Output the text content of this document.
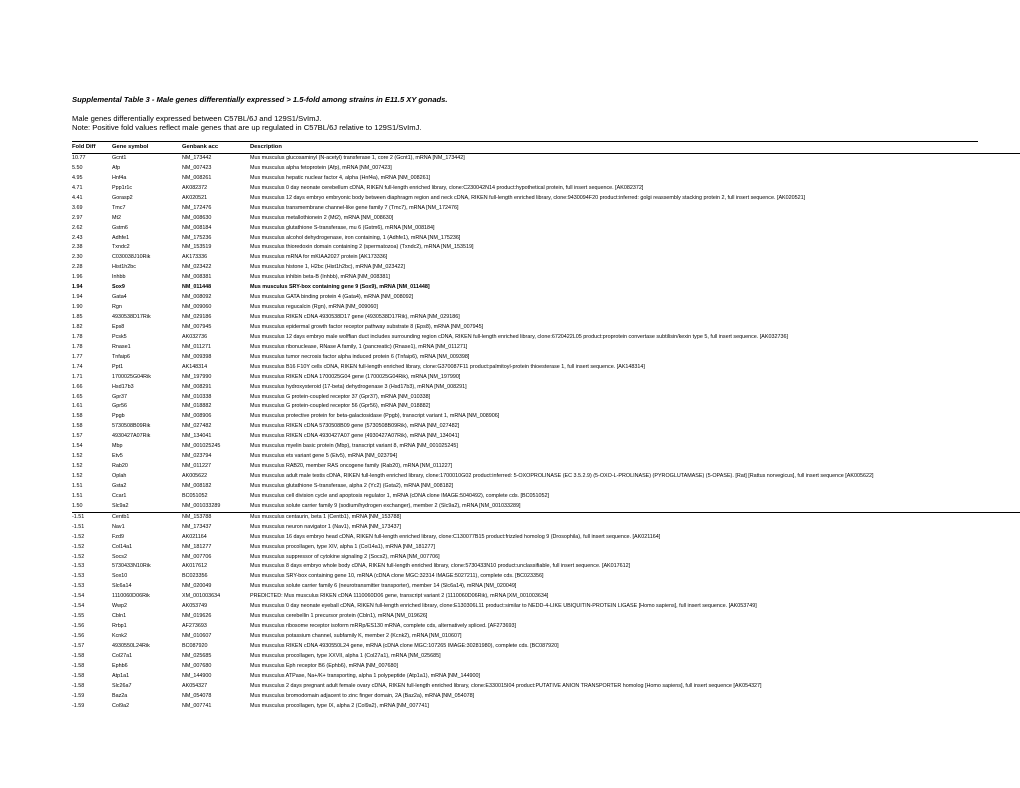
Supplemental Table 3 - Male genes differentially expressed > 1.5-fold among strains in E11.5 XY gonads.
Male genes differentially expressed between C57BL/6J and 129S1/SvImJ.
Note: Positive fold values reflect male genes that are up regulated in C57BL/6J relative to 129S1/SvImJ.
Fold Diff	Gene symbol	Genbank acc	Description
10.77	Gcnt1	NM_173442	Mus musculus glucosaminyl (N-acetyl) transferase 1, core 2 (Gcnt1), mRNA [NM_173442]
5.50	Afp	NM_007423	Mus musculus alpha fetoprotein (Afp), mRNA [NM_007423]
4.95	Hnf4a	NM_008261	Mus musculus hepatic nuclear factor 4, alpha (Hnf4a), mRNA [NM_008261]
4.71	Ppp1r1c	AK082372	Mus musculus 0 day neonate cerebellum cDNA, RIKEN full-length enriched library, clone:C230042N14 product:hypothetical protein, full insert sequence. [AK082372]
4.41	Gorasp2	AK020521	Mus musculus 12 days embryo embryonic body between diaphragm region and neck cDNA, RIKEN full-length enriched library, clone:9430094F20 product:inferred: golgi reassembly stacking protein 2, full insert sequence. [AK020521]
3.69	Tmc7	NM_172476	Mus musculus transmembrane channel-like gene family 7 (Tmc7), mRNA [NM_172476]
2.97	Mt2	NM_008630	Mus musculus metallothionein 2 (Mt2), mRNA [NM_008630]
2.62	Gstm6	NM_008184	Mus musculus glutathione S-transferase, mu 6 (Gstm6), mRNA [NM_008184]
2.43	Adhfe1	NM_175236	Mus musculus alcohol dehydrogenase, iron containing, 1 (Adhfe1), mRNA [NM_175236]
2.38	Txndc2	NM_153519	Mus musculus thioredoxin domain containing 2 (spermatozoa) (Txndc2), mRNA [NM_153519]
2.30	C030038J10Rik	AK173336	Mus musculus mRNA for mKIAA2027 protein [AK173336]
2.28	Hist1h2bc	NM_023422	Mus musculus histone 1, H2bc (Hist1h2bc), mRNA [NM_023422]
1.96	Inhbb	NM_008381	Mus musculus inhibin beta-B (Inhbb), mRNA [NM_008381]
1.94	Sox9	NM_011448	Mus musculus SRY-box containing gene 9 (Sox9), mRNA [NM_011448]
1.94	Gata4	NM_008092	Mus musculus GATA binding protein 4 (Gata4), mRNA [NM_008092]
1.90	Rgn	NM_009060	Mus musculus regucalcin (Rgn), mRNA [NM_009060]
1.85	4930538D17Rik	NM_029186	Mus musculus RIKEN cDNA 4930538D17 gene (4930538D17Rik), mRNA [NM_029186]
1.82	Eps8	NM_007945	Mus musculus epidermal growth factor receptor pathway substrate 8 (Eps8), mRNA [NM_007945]
1.78	Pcsk5	AK032736	Mus musculus 12 days embryo male wolffian duct includes surrounding region cDNA, RIKEN full-length enriched library, clone:6720422L05 product:proprotein convertase subtilisin/kexin type 5, full insert sequence. [AK032736]
1.78	Rnase1	NM_011271	Mus musculus ribonuclease, RNase A family, 1 (pancreatic) (Rnase1), mRNA [NM_011271]
1.77	Tnfaip6	NM_009398	Mus musculus tumor necrosis factor alpha induced protein 6 (Tnfaip6), mRNA [NM_009398]
1.74	Ppt1	AK148314	Mus musculus B16 F10Y cells cDNA, RIKEN full-length enriched library, clone:G370087F11 product:palmitoyl-protein thioesterase 1, full insert sequence. [AK148314]
1.71	1700025G04Rik	NM_197990	Mus musculus RIKEN cDNA 1700025G04 gene (1700025G04Rik), mRNA [NM_197990]
1.66	Hsd17b3	NM_008291	Mus musculus hydroxysteroid (17-beta) dehydrogenase 3 (Hsd17b3), mRNA [NM_008291]
1.65	Gpr37	NM_010338	Mus musculus G protein-coupled receptor 37 (Gpr37), mRNA [NM_010338]
1.61	Gpr56	NM_018882	Mus musculus G protein-coupled receptor 56 (Gpr56), mRNA [NM_018882]
1.58	Ppgb	NM_008906	Mus musculus protective protein for beta-galactosidase (Ppgb), transcript variant 1, mRNA [NM_008906]
1.58	5730508B09Rik	NM_027482	Mus musculus RIKEN cDNA 5730508B09 gene (5730508B09Rik), mRNA [NM_027482]
1.57	4930427A07Rik	NM_134041	Mus musculus RIKEN cDNA 4930427A07 gene (4930427A07Rik), mRNA [NM_134041]
1.54	Mbp	NM_001025245	Mus musculus myelin basic protein (Mbp), transcript variant 8, mRNA [NM_001025245]
1.52	Etv5	NM_023794	Mus musculus ets variant gene 5 (Etv5), mRNA [NM_023794]
1.52	Rab20	NM_011227	Mus musculus RAB20, member RAS oncogene family (Rab20), mRNA [NM_011227]
1.52	Oplah	AK005622	Mus musculus adult male testis cDNA, RIKEN full-length enriched library, clone:1700010G02 product:inferred: 5-OXOPROLINASE (EC 3.5.2.9) (5-OXO-L-PROLINASE) (PYROGLUTAMASE) (5-OPASE). [Rat] [Rattus norvegicus], full insert sequence [AK005622]
1.51	Gsta2	NM_008182	Mus musculus glutathione S-transferase, alpha 2 (Yc2) (Gsta2), mRNA [NM_008182]
1.51	Ccar1	BC051052	Mus musculus cell division cycle and apoptosis regulator 1, mRNA (cDNA clone IMAGE:5040492), complete cds. [BC051052]
1.50	Slc9a2	NM_001033289	Mus musculus solute carrier family 9 (sodium/hydrogen exchanger), member 2 (Slc9a2), mRNA [NM_001033289]
-1.51	Centb1	NM_153788	Mus musculus centaurin, beta 1 (Centb1), mRNA [NM_153788]
-1.51	Nav1	NM_173437	Mus musculus neuron navigator 1 (Nav1), mRNA [NM_173437]
-1.52	Fzd9	AK021164	Mus musculus 16 days embryo head cDNA, RIKEN full-length enriched library, clone:C130077B15 product:frizzled homolog 9 (Drosophila), full insert sequence. [AK021164]
-1.52	Col14a1	NM_181277	Mus musculus procollagen, type XIV, alpha 1 (Col14a1), mRNA [NM_181277]
-1.52	Socs2	NM_007706	Mus musculus suppressor of cytokine signaling 2 (Socs2), mRNA [NM_007706]
-1.53	5730433N10Rik	AK017612	Mus musculus 8 days embryo whole body cDNA, RIKEN full-length enriched library, clone:5730433N10 product:unclassifiable, full insert sequence. [AK017612]
-1.53	Sox10	BC023356	Mus musculus SRY-box containing gene 10, mRNA (cDNA clone MGC:32314 IMAGE:5027211), complete cds. [BC023356]
-1.53	Slc6a14	NM_020049	Mus musculus solute carrier family 6 (neurotransmitter transporter), member 14 (Slc6a14), mRNA [NM_020049]
-1.54	1110060D06Rik	XM_001003634	PREDICTED: Mus musculus RIKEN cDNA 1110060D06 gene, transcript variant 2 (1110060D06Rik), mRNA [XM_001003634]
-1.54	Wwp2	AK053749	Mus musculus 0 day neonate eyeball cDNA, RIKEN full-length enriched library, clone:E130306L11 product:similar to NEDD-4-LIKE UBIQUITIN-PROTEIN LIGASE [Homo sapiens], full insert sequence. [AK053749]
-1.55	Cbln1	NM_019626	Mus musculus cerebellin 1 precursor protein (Cbln1), mRNA [NM_019626]
-1.56	Rrbp1	AF273693	Mus musculus ribosome receptor isoform mRRp/ES130 mRNA, complete cds, alternatively spliced. [AF273693]
-1.56	Kcnk2	NM_010607	Mus musculus potassium channel, subfamily K, member 2 (Kcnk2), mRNA [NM_010607]
-1.57	4930550L24Rik	BC087920	Mus musculus RIKEN cDNA 4930550L24 gene, mRNA (cDNA clone MGC:107265 IMAGE:30281980), complete cds. [BC087920]
-1.58	Col27a1	NM_025685	Mus musculus procollagen, type XXVII, alpha 1 (Col27a1), mRNA [NM_025685]
-1.58	Ephb6	NM_007680	Mus musculus Eph receptor B6 (Ephb6), mRNA [NM_007680]
-1.58	Atp1a1	NM_144900	Mus musculus ATPase, Na+/K+ transporting, alpha 1 polypeptide (Atp1a1), mRNA [NM_144900]
-1.58	Slc26a7	AK054327	Mus musculus 2 days pregnant adult female ovary cDNA, RIKEN full-length enriched library, clone:E330015I04 product:PUTATIVE ANION TRANSPORTER homolog [Homo sapiens], full insert sequence [AK054327]
-1.59	Baz2a	NM_054078	Mus musculus bromodomain adjacent to zinc finger domain, 2A (Baz2a), mRNA [NM_054078]
-1.59	Col9a2	NM_007741	Mus musculus procollagen, type IX, alpha 2 (Col9a2), mRNA [NM_007741]
